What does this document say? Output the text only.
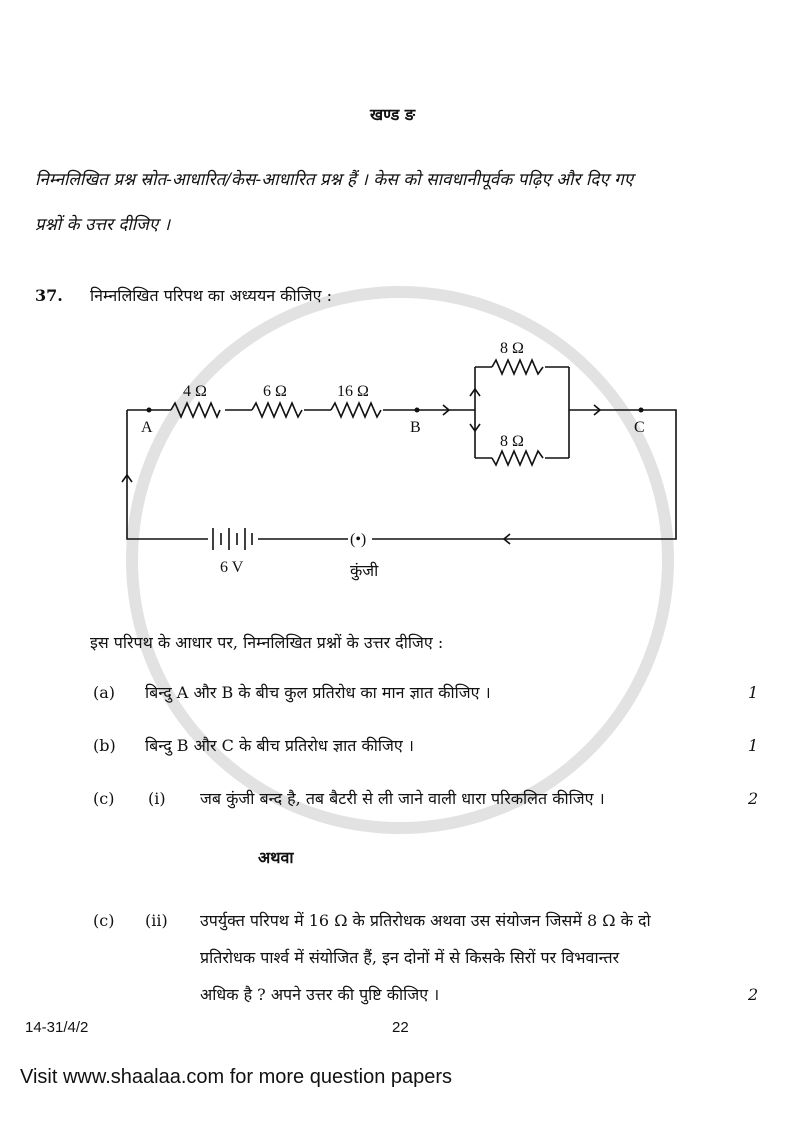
खण्ड ङ
निम्नलिखित प्रश्न स्रोत-आधारित/केस-आधारित प्रश्न हैं । केस को सावधानीपूर्वक पढ़िए और दिए गए
प्रश्नों के उत्तर दीजिए ।
37. निम्नलिखित परिपथ का अध्ययन कीजिए :
4 Ω	6 Ω	16 Ω
8 Ω
8 Ω
A	B	C
6 V
(•)
कुंजी
इस परिपथ के आधार पर, निम्नलिखित प्रश्नों के उत्तर दीजिए :
(a) बिन्दु A और B के बीच कुल प्रतिरोध का मान ज्ञात कीजिए ।	1
(b) बिन्दु B और C के बीच प्रतिरोध ज्ञात कीजिए ।	1
(c) (i) जब कुंजी बन्द है, तब बैटरी से ली जाने वाली धारा परिकलित कीजिए ।	2
अथवा
(c) (ii) उपर्युक्त परिपथ में 16 Ω के प्रतिरोधक अथवा उस संयोजन जिसमें 8 Ω के दो
प्रतिरोधक पार्श्व में संयोजित हैं, इन दोनों में से किसके सिरों पर विभवान्तर
अधिक है ? अपने उत्तर की पुष्टि कीजिए ।	2
14-31/4/2	22
Visit www.shaalaa.com for more question papers
